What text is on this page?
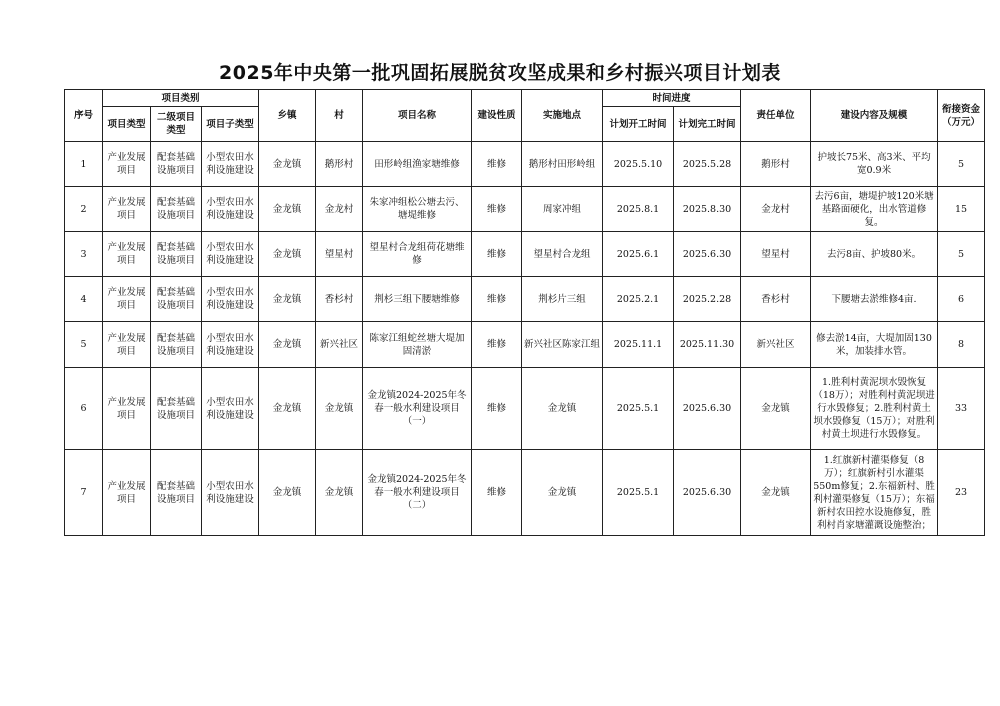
2025年中央第一批巩固拓展脱贫攻坚成果和乡村振兴项目计划表
序号	项目类别			乡镇	村	项目名称	建设性质	实施地点	时间进度		责任单位	建设内容及规模	衔接资金（万元）
	项目类型	二级项目类型	项目子类型						计划开工时间	计划完工时间			
1	产业发展项目	配套基础设施项目	小型农田水利设施建设	金龙镇	鹅形村	田形岭组渔家塘维修	维修	鹅形村田形岭组	2025.5.10	2025.5.28	鹅形村	护坡长75米、高3米、平均宽0.9米	5
2	产业发展项目	配套基础设施项目	小型农田水利设施建设	金龙镇	金龙村	朱家冲组松公塘去污、塘堤维修	维修	周家冲组	2025.8.1	2025.8.30	金龙村	去污6亩，塘堤护坡120米塘基路面硬化，出水管道修复。	15
3	产业发展项目	配套基础设施项目	小型农田水利设施建设	金龙镇	望星村	望星村合龙组荷花塘维修	维修	望星村合龙组	2025.6.1	2025.6.30	望星村	去污8亩、护坡80米。	5
4	产业发展项目	配套基础设施项目	小型农田水利设施建设	金龙镇	香杉村	荆杉三组下腰塘维修	维修	荆杉片三组	2025.2.1	2025.2.28	香杉村	下腰塘去淤维修4亩.	6
5	产业发展项目	配套基础设施项目	小型农田水利设施建设	金龙镇	新兴社区	陈家江组蛇丝塘大堤加固清淤	维修	新兴社区陈家江组	2025.11.1	2025.11.30	新兴社区	修去淤14亩，大堤加固130米，加装排水管。	8
6	产业发展项目	配套基础设施项目	小型农田水利设施建设	金龙镇	金龙镇	金龙镇2024-2025年冬春一般水利建设项目（一）	维修	金龙镇	2025.5.1	2025.6.30	金龙镇	1.胜利村黄泥坝水毁恢复（18万）；对胜利村黄泥坝进行水毁修复；2.胜利村黄土坝水毁修复（15万）；对胜利村黄土坝进行水毁修复。	33
7	产业发展项目	配套基础设施项目	小型农田水利设施建设	金龙镇	金龙镇	金龙镇2024-2025年冬春一般水利建设项目（二）	维修	金龙镇	2025.5.1	2025.6.30	金龙镇	1.红旗新村灌渠修复（8万）；红旗新村引水灌渠550m修复；2.东福新村、胜利村灌渠修复（15万）；东福新村农田控水设施修复，胜利村肖家塘灌溉设施整治；	23
